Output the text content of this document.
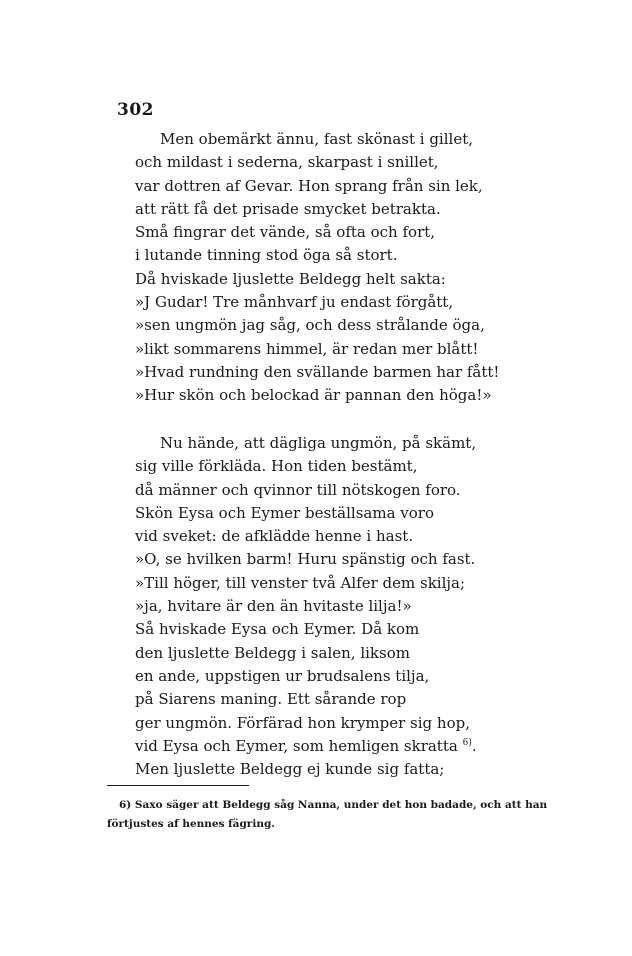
302
Men obemärkt ännu, fast skönast i gillet,
och mildast i sederna, skarpast i snillet,
var dottren af Gevar. Hon sprang från sin lek,
att rätt få det prisade smycket betrakta.
Små fingrar det vände, så ofta och fort,
i lutande tinning stod öga så stort.
Då hviskade ljuslette Beldegg helt sakta:
»J Gudar! Tre månhvarf ju endast förgått,
»sen ungmön jag såg, och dess strålande öga,
»likt sommarens himmel, är redan mer blått!
»Hvad rundning den svällande barmen har fått!
»Hur skön och belockad är pannan den höga!»
Nu hände, att dägliga ungmön, på skämt,
sig ville förkläda. Hon tiden bestämt,
då männer och qvinnor till nötskogen foro.
Skön Eysa och Eymer beställsama voro
vid sveket: de afklädde henne i hast.
»O, se hvilken barm! Huru spänstig och fast.
»Till höger, till venster två Alfer dem skilja;
»ja, hvitare är den än hvitaste lilja!»
Så hviskade Eysa och Eymer. Då kom
den ljuslette Beldegg i salen, liksom
en ande, uppstigen ur brudsalens tilja,
på Siarens maning. Ett sårande rop
ger ungmön. Förfärad hon krymper sig hop,
vid Eysa och Eymer, som hemligen skratta $^{6)}$.
Men ljuslette Beldegg ej kunde sig fatta;
6) Saxo säger att Beldegg såg Nanna, under det hon badade, och att han
förtjustes af hennes fägring.
